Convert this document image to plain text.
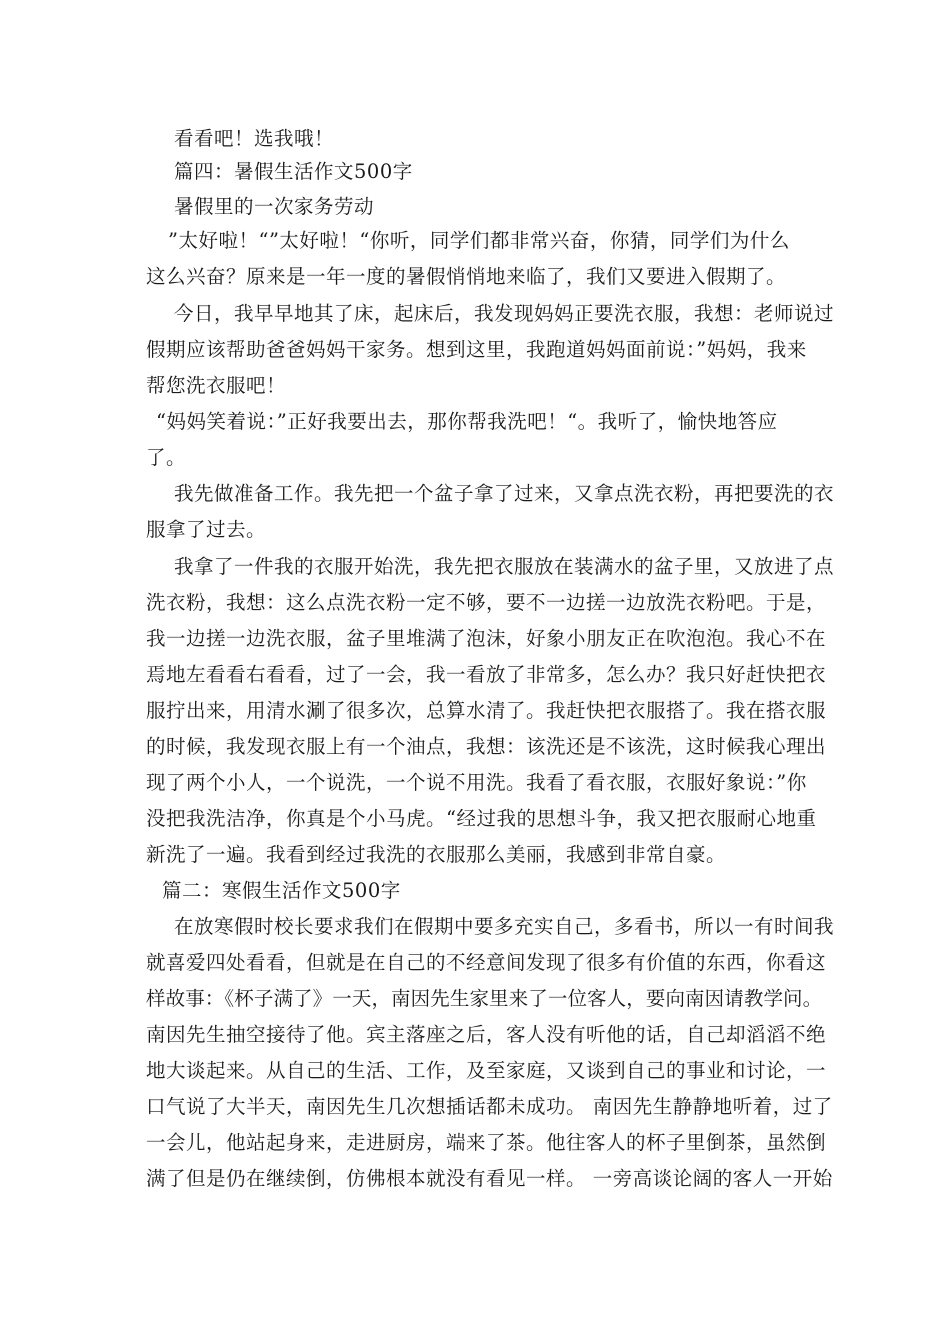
看看吧！选我哦！
篇四：暑假生活作文500字
暑假里的一次家务劳动
”太好啦！“”太好啦！“你听，同学们都非常兴奋，你猜，同学们为什么
这么兴奋？原来是一年一度的暑假悄悄地来临了，我们又要进入假期了。
今日，我早早地其了床，起床后，我发现妈妈正要洗衣服，我想：老师说过
假期应该帮助爸爸妈妈干家务。想到这里，我跑道妈妈面前说：”妈妈，我来
帮您洗衣服吧！
“妈妈笑着说：”正好我要出去，那你帮我洗吧！“。我听了，愉快地答应
了。
我先做准备工作。我先把一个盆子拿了过来，又拿点洗衣粉，再把要洗的衣
服拿了过去。
我拿了一件我的衣服开始洗，我先把衣服放在装满水的盆子里，又放进了点
洗衣粉，我想：这么点洗衣粉一定不够，要不一边搓一边放洗衣粉吧。于是，
我一边搓一边洗衣服，盆子里堆满了泡沫，好象小朋友正在吹泡泡。我心不在
焉地左看看右看看，过了一会，我一看放了非常多，怎么办？我只好赶快把衣
服拧出来，用清水涮了很多次，总算水清了。我赶快把衣服搭了。我在搭衣服
的时候，我发现衣服上有一个油点，我想：该洗还是不该洗，这时候我心理出
现了两个小人，一个说洗，一个说不用洗。我看了看衣服，衣服好象说：”你
没把我洗洁净，你真是个小马虎。“经过我的思想斗争，我又把衣服耐心地重
新洗了一遍。我看到经过我洗的衣服那么美丽，我感到非常自豪。
篇二：寒假生活作文500字
在放寒假时校长要求我们在假期中要多充实自己，多看书，所以一有时间我
就喜爱四处看看，但就是在自己的不经意间发现了很多有价值的东西，你看这
样故事：《杯子满了》一天，南因先生家里来了一位客人，要向南因请教学问。
南因先生抽空接待了他。宾主落座之后，客人没有听他的话，自己却滔滔不绝
地大谈起来。从自己的生活、工作，及至家庭，又谈到自己的事业和讨论，一
口气说了大半天，南因先生几次想插话都未成功。 南因先生静静地听着，过了
一会儿，他站起身来，走进厨房，端来了茶。他往客人的杯子里倒茶，虽然倒
满了但是仍在继续倒，仿佛根本就没有看见一样。 一旁高谈论阔的客人一开始
